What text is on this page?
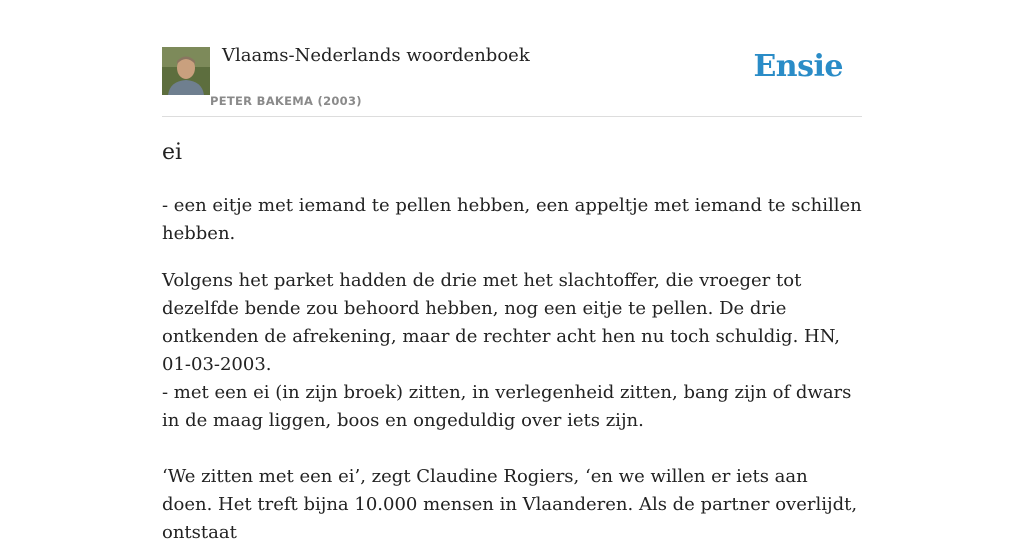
Vlaams-Nederlands woordenboek
PETER BAKEMA (2003)
Ensie
ei

- een eitje met iemand te pellen hebben, een appeltje met iemand te schillen hebben.

Volgens het parket hadden de drie met het slachtoffer, die vroeger tot dezelfde bende zou behoord hebben, nog een eitje te pellen. De drie ontkenden de afrekening, maar de rechter acht hen nu toch schuldig. HN, 01-03-2003.

- met een ei (in zijn broek) zitten, in verlegenheid zitten, bang zijn of dwars in de maag liggen, boos en ongeduldig over iets zijn.

‘We zitten met een ei’, zegt Claudine Rogiers, ‘en we willen er iets aan doen. Het treft bijna 10.000 mensen in Vlaanderen. Als de partner overlijdt, ontstaat
